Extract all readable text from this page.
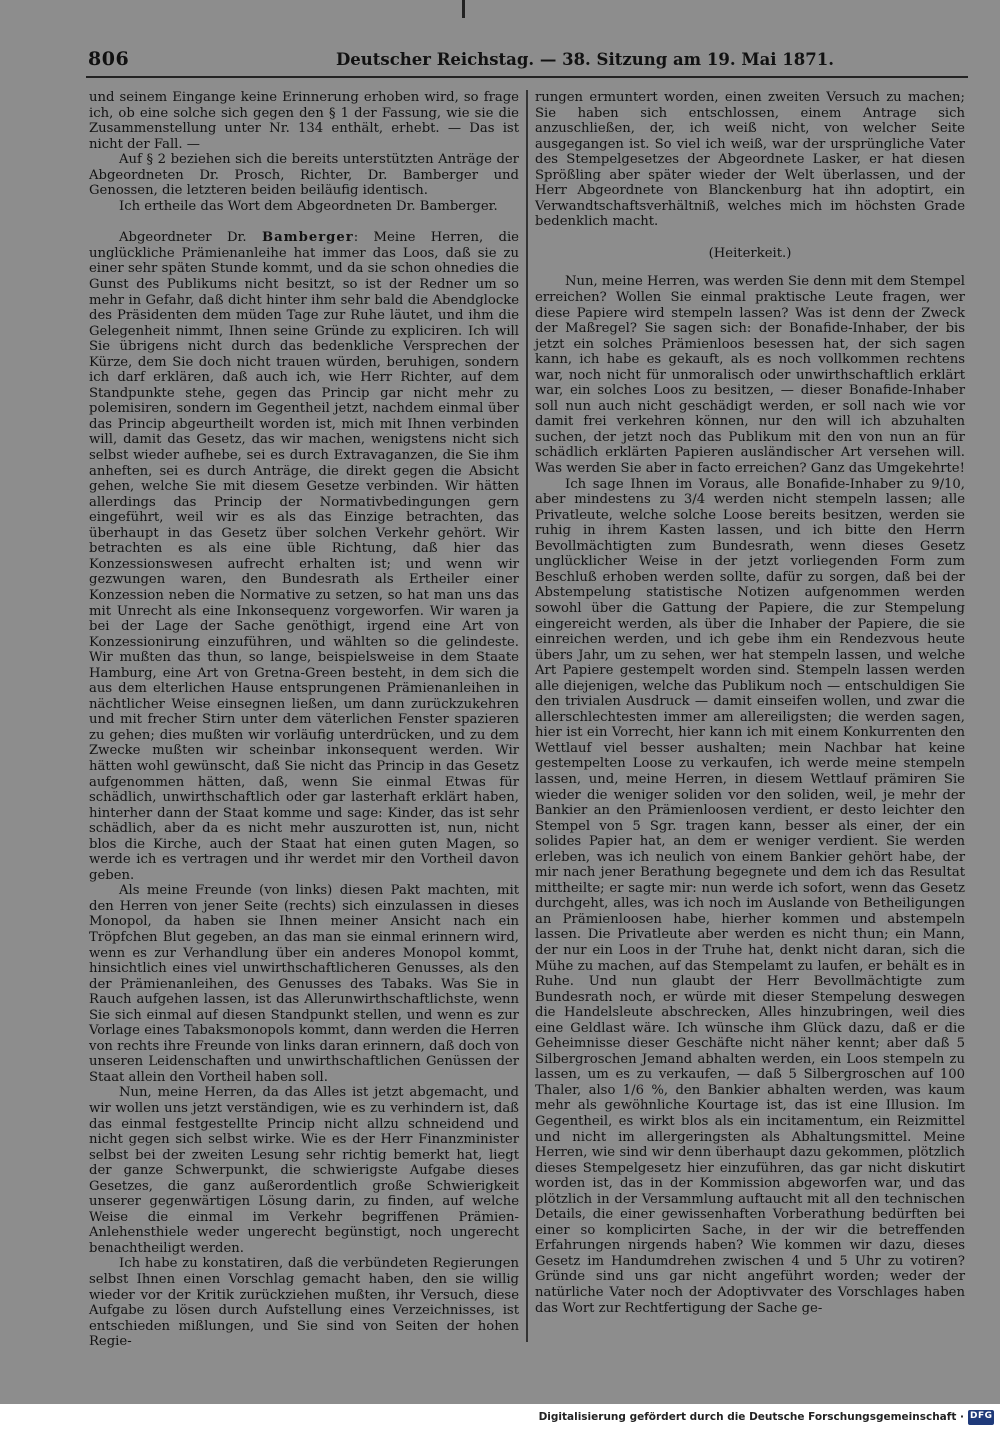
806	Deutscher Reichstag. — 38. Sitzung am 19. Mai 1871.

und seinem Eingange keine Erinnerung erhoben wird, so frage ich, ob eine solche sich gegen den § 1 der Fassung, wie sie die Zusammenstellung unter Nr. 134 enthält, erhebt. — Das ist nicht der Fall. —

Auf § 2 beziehen sich die bereits unterstützten Anträge der Abgeordneten Dr. Prosch, Richter, Dr. Bamberger und Genossen, die letzteren beiden beiläufig identisch.

Ich ertheile das Wort dem Abgeordneten Dr. Bamberger.

Abgeordneter Dr. Bamberger: Meine Herren, die unglückliche Prämienanleihe hat immer das Loos, daß sie zu einer sehr späten Stunde kommt, und da sie schon ohnedies die Gunst des Publikums nicht besitzt, so ist der Redner um so mehr in Gefahr, daß dicht hinter ihm sehr bald die Abendglocke des Präsidenten dem müden Tage zur Ruhe läutet, und ihm die Gelegenheit nimmt, Ihnen seine Gründe zu expliciren. Ich will Sie übrigens nicht durch das bedenkliche Versprechen der Kürze, dem Sie doch nicht trauen würden, beruhigen, sondern ich darf erklären, daß auch ich, wie Herr Richter, auf dem Standpunkte stehe, gegen das Princip gar nicht mehr zu polemisiren, sondern im Gegentheil jetzt, nachdem einmal über das Princip abgeurtheilt worden ist, mich mit Ihnen verbinden will, damit das Gesetz, das wir machen, wenigstens nicht sich selbst wieder aufhebe, sei es durch Extravaganzen, die Sie ihm anheften, sei es durch Anträge, die direkt gegen die Absicht gehen, welche Sie mit diesem Gesetze verbinden. Wir hätten allerdings das Princip der Normativbedingungen gern eingeführt, weil wir es als das Einzige betrachten, das überhaupt in das Gesetz über solchen Verkehr gehört. Wir betrachten es als eine üble Richtung, daß hier das Konzessionswesen aufrecht erhalten ist; und wenn wir gezwungen waren, den Bundesrath als Ertheiler einer Konzession neben die Normative zu setzen, so hat man uns das mit Unrecht als eine Inkonsequenz vorgeworfen. Wir waren ja bei der Lage der Sache genöthigt, irgend eine Art von Konzessionirung einzuführen, und wählten so die gelindeste. Wir mußten das thun, so lange, beispielsweise in dem Staate Hamburg, eine Art von Gretna-Green besteht, in dem sich die aus dem elterlichen Hause entsprungenen Prämienanleihen in nächtlicher Weise einsegnen ließen, um dann zurückzukehren und mit frecher Stirn unter dem väterlichen Fenster spazieren zu gehen; dies mußten wir vorläufig unterdrücken, und zu dem Zwecke mußten wir scheinbar inkonsequent werden. Wir hätten wohl gewünscht, daß Sie nicht das Princip in das Gesetz aufgenommen hätten, daß, wenn Sie einmal Etwas für schädlich, unwirthschaftlich oder gar lasterhaft erklärt haben, hinterher dann der Staat komme und sage: Kinder, das ist sehr schädlich, aber da es nicht mehr auszurotten ist, nun, nicht blos die Kirche, auch der Staat hat einen guten Magen, so werde ich es vertragen und ihr werdet mir den Vortheil davon geben.

Als meine Freunde (von links) diesen Pakt machten, mit den Herren von jener Seite (rechts) sich einzulassen in dieses Monopol, da haben sie Ihnen meiner Ansicht nach ein Tröpfchen Blut gegeben, an das man sie einmal erinnern wird, wenn es zur Verhandlung über ein anderes Monopol kommt, hinsichtlich eines viel unwirthschaftlicheren Genusses, als den der Prämienanleihen, des Genusses des Tabaks. Was Sie in Rauch aufgehen lassen, ist das Allerunwirthschaftlichste, wenn Sie sich einmal auf diesen Standpunkt stellen, und wenn es zur Vorlage eines Tabaksmonopols kommt, dann werden die Herren von rechts ihre Freunde von links daran erinnern, daß doch von unseren Leidenschaften und unwirthschaftlichen Genüssen der Staat allein den Vortheil haben soll.

Nun, meine Herren, da das Alles ist jetzt abgemacht, und wir wollen uns jetzt verständigen, wie es zu verhindern ist, daß das einmal festgestellte Princip nicht allzu schneidend und nicht gegen sich selbst wirke. Wie es der Herr Finanzminister selbst bei der zweiten Lesung sehr richtig bemerkt hat, liegt der ganze Schwerpunkt, die schwierigste Aufgabe dieses Gesetzes, die ganz außerordentlich große Schwierigkeit unserer gegenwärtigen Lösung darin, zu finden, auf welche Weise die einmal im Verkehr begriffenen Prämien-Anlehensthiele weder ungerecht begünstigt, noch ungerecht benachtheiligt werden.

Ich habe zu konstatiren, daß die verbündeten Regierungen selbst Ihnen einen Vorschlag gemacht haben, den sie willig wieder vor der Kritik zurückziehen mußten, ihr Versuch, diese Aufgabe zu lösen durch Aufstellung eines Verzeichnisses, ist entschieden mißlungen, und Sie sind von Seiten der hohen Regie-

rungen ermuntert worden, einen zweiten Versuch zu machen; Sie haben sich entschlossen, einem Antrage sich anzuschließen, der, ich weiß nicht, von welcher Seite ausgegangen ist. So viel ich weiß, war der ursprüngliche Vater des Stempelgesetzes der Abgeordnete Lasker, er hat diesen Sprößling aber später wieder der Welt überlassen, und der Herr Abgeordnete von Blanckenburg hat ihn adoptirt, ein Verwandtschaftsverhältniß, welches mich im höchsten Grade bedenklich macht.

(Heiterkeit.)

Nun, meine Herren, was werden Sie denn mit dem Stempel erreichen? Wollen Sie einmal praktische Leute fragen, wer diese Papiere wird stempeln lassen? Was ist denn der Zweck der Maßregel? Sie sagen sich: der Bonafide-Inhaber, der bis jetzt ein solches Prämienloos besessen hat, der sich sagen kann, ich habe es gekauft, als es noch vollkommen rechtens war, noch nicht für unmoralisch oder unwirthschaftlich erklärt war, ein solches Loos zu besitzen, — dieser Bonafide-Inhaber soll nun auch nicht geschädigt werden, er soll nach wie vor damit frei verkehren können, nur den will ich abzuhalten suchen, der jetzt noch das Publikum mit den von nun an für schädlich erklärten Papieren ausländischer Art versehen will. Was werden Sie aber in facto erreichen? Ganz das Umgekehrte!

Ich sage Ihnen im Voraus, alle Bonafide-Inhaber zu 9/10, aber mindestens zu 3/4 werden nicht stempeln lassen; alle Privatleute, welche solche Loose bereits besitzen, werden sie ruhig in ihrem Kasten lassen, und ich bitte den Herrn Bevollmächtigten zum Bundesrath, wenn dieses Gesetz unglücklicher Weise in der jetzt vorliegenden Form zum Beschluß erhoben werden sollte, dafür zu sorgen, daß bei der Abstempelung statistische Notizen aufgenommen werden sowohl über die Gattung der Papiere, die zur Stempelung eingereicht werden, als über die Inhaber der Papiere, die sie einreichen werden, und ich gebe ihm ein Rendezvous heute übers Jahr, um zu sehen, wer hat stempeln lassen, und welche Art Papiere gestempelt worden sind. Stempeln lassen werden alle diejenigen, welche das Publikum noch — entschuldigen Sie den trivialen Ausdruck — damit einseifen wollen, und zwar die allerschlechtesten immer am allereiligsten; die werden sagen, hier ist ein Vorrecht, hier kann ich mit einem Konkurrenten den Wettlauf viel besser aushalten; mein Nachbar hat keine gestempelten Loose zu verkaufen, ich werde meine stempeln lassen, und, meine Herren, in diesem Wettlauf prämiren Sie wieder die weniger soliden vor den soliden, weil, je mehr der Bankier an den Prämienloosen verdient, er desto leichter den Stempel von 5 Sgr. tragen kann, besser als einer, der ein solides Papier hat, an dem er weniger verdient. Sie werden erleben, was ich neulich von einem Bankier gehört habe, der mir nach jener Berathung begegnete und dem ich das Resultat mittheilte; er sagte mir: nun werde ich sofort, wenn das Gesetz durchgeht, alles, was ich noch im Auslande von Betheiligungen an Prämienloosen habe, hierher kommen und abstempeln lassen. Die Privatleute aber werden es nicht thun; ein Mann, der nur ein Loos in der Truhe hat, denkt nicht daran, sich die Mühe zu machen, auf das Stempelamt zu laufen, er behält es in Ruhe. Und nun glaubt der Herr Bevollmächtigte zum Bundesrath noch, er würde mit dieser Stempelung deswegen die Handelsleute abschrecken, Alles hinzubringen, weil dies eine Geldlast wäre. Ich wünsche ihm Glück dazu, daß er die Geheimnisse dieser Geschäfte nicht näher kennt; aber daß 5 Silbergroschen Jemand abhalten werden, ein Loos stempeln zu lassen, um es zu verkaufen, — daß 5 Silbergroschen auf 100 Thaler, also 1/6 %, den Bankier abhalten werden, was kaum mehr als gewöhnliche Kourtage ist, das ist eine Illusion. Im Gegentheil, es wirkt blos als ein incitamentum, ein Reizmittel und nicht im allergeringsten als Abhaltungsmittel. Meine Herren, wie sind wir denn überhaupt dazu gekommen, plötzlich dieses Stempelgesetz hier einzuführen, das gar nicht diskutirt worden ist, das in der Kommission abgeworfen war, und das plötzlich in der Versammlung auftaucht mit all den technischen Details, die einer gewissenhaften Vorberathung bedürften bei einer so komplicirten Sache, in der wir die betreffenden Erfahrungen nirgends haben? Wie kommen wir dazu, dieses Gesetz im Handumdrehen zwischen 4 und 5 Uhr zu votiren? Gründe sind uns gar nicht angeführt worden; weder der natürliche Vater noch der Adoptivvater des Vorschlages haben das Wort zur Rechtfertigung der Sache ge-

Digitalisierung gefördert durch die Deutsche Forschungsgemeinschaft · DFG
